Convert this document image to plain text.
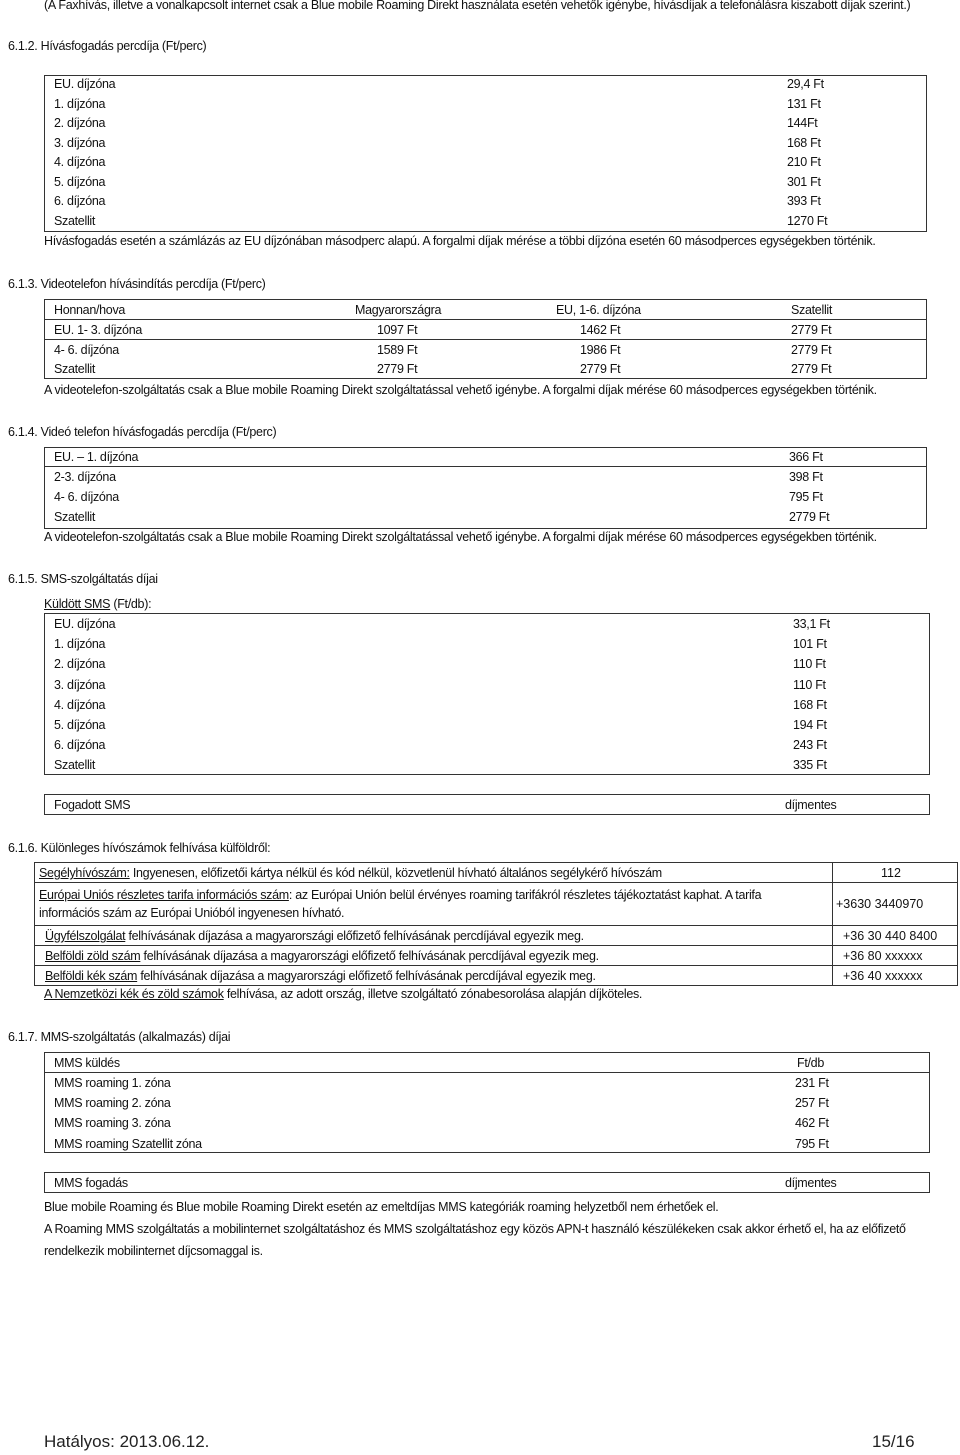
(A Faxhívás, illetve a vonalkapcsolt internet csak a Blue mobile Roaming Direkt használata esetén vehetők igénybe, hívásdíjak a telefonálásra kiszabott díjak szerint.)
6.1.2. Hívásfogadás percdíja (Ft/perc)
EU. díjzóna	29,4 Ft
1. díjzóna	131 Ft
2. díjzóna	144Ft
3. díjzóna	168 Ft
4. díjzóna	210 Ft
5. díjzóna	301 Ft
6. díjzóna	393 Ft
Szatellit	1270 Ft
Hívásfogadás esetén a számlázás az EU díjzónában másodperc alapú. A forgalmi díjak mérése a többi díjzóna esetén 60 másodperces egységekben történik.
6.1.3. Videotelefon hívásindítás percdíja (Ft/perc)
Honnan/hova	Magyarországra	EU, 1-6. díjzóna	Szatellit
EU. 1- 3. díjzóna	1097 Ft	1462 Ft	2779 Ft
4- 6. díjzóna	1589 Ft	1986 Ft	2779 Ft
Szatellit	2779 Ft	2779 Ft	2779 Ft
A videotelefon-szolgáltatás csak a Blue mobile Roaming Direkt szolgáltatással vehető igénybe. A forgalmi díjak mérése 60 másodperces egységekben történik.
6.1.4. Videó telefon hívásfogadás percdíja (Ft/perc)
EU. – 1. díjzóna	366 Ft
2-3. díjzóna	398 Ft
4- 6. díjzóna	795 Ft
Szatellit	2779 Ft
A videotelefon-szolgáltatás csak a Blue mobile Roaming Direkt szolgáltatással vehető igénybe. A forgalmi díjak mérése 60 másodperces egységekben történik.
6.1.5. SMS-szolgáltatás díjai
Küldött SMS (Ft/db):
EU. díjzóna	33,1 Ft
1. díjzóna	101 Ft
2. díjzóna	110 Ft
3. díjzóna	110 Ft
4. díjzóna	168 Ft
5. díjzóna	194 Ft
6. díjzóna	243 Ft
Szatellit	335 Ft
Fogadott SMS	díjmentes
6.1.6. Különleges hívószámok felhívása külföldről:
Segélyhívószám: Ingyenesen, előfizetői kártya nélkül és kód nélkül, közvetlenül hívható általános segélykérő hívószám	112
Európai Uniós részletes tarifa információs szám: az Európai Unión belül érvényes roaming tarifákról részletes tájékoztatást kaphat. A tarifa
információs szám az Európai Unióból ingyenesen hívható.
+3630 3440970
Ügyfélszolgálat felhívásának díjazása a magyarországi előfizető felhívásának percdíjával egyezik meg.	+36 30 440 8400
Belföldi zöld szám felhívásának díjazása a magyarországi előfizető felhívásának percdíjával egyezik meg.	+36 80 xxxxxx
Belföldi kék szám felhívásának díjazása a magyarországi előfizető felhívásának percdíjával egyezik meg.	+36 40 xxxxxx
A Nemzetközi kék és zöld számok felhívása, az adott ország, illetve szolgáltató zónabesorolása alapján díjköteles.
6.1.7. MMS-szolgáltatás (alkalmazás) díjai
MMS küldés	Ft/db
MMS roaming 1. zóna	231 Ft
MMS roaming 2. zóna	257 Ft
MMS roaming 3. zóna	462 Ft
MMS roaming Szatellit zóna	795 Ft
MMS fogadás	díjmentes
Blue mobile Roaming és Blue mobile Roaming Direkt esetén az emeltdíjas MMS kategóriák roaming helyzetből nem érhetőek el.
A Roaming MMS szolgáltatás a mobilinternet szolgáltatáshoz és MMS szolgáltatáshoz egy közös APN-t használó készülékeken csak akkor érhető el, ha az előfizető
rendelkezik mobilinternet díjcsomaggal is.
Hatályos: 2013.06.12.	15/16
